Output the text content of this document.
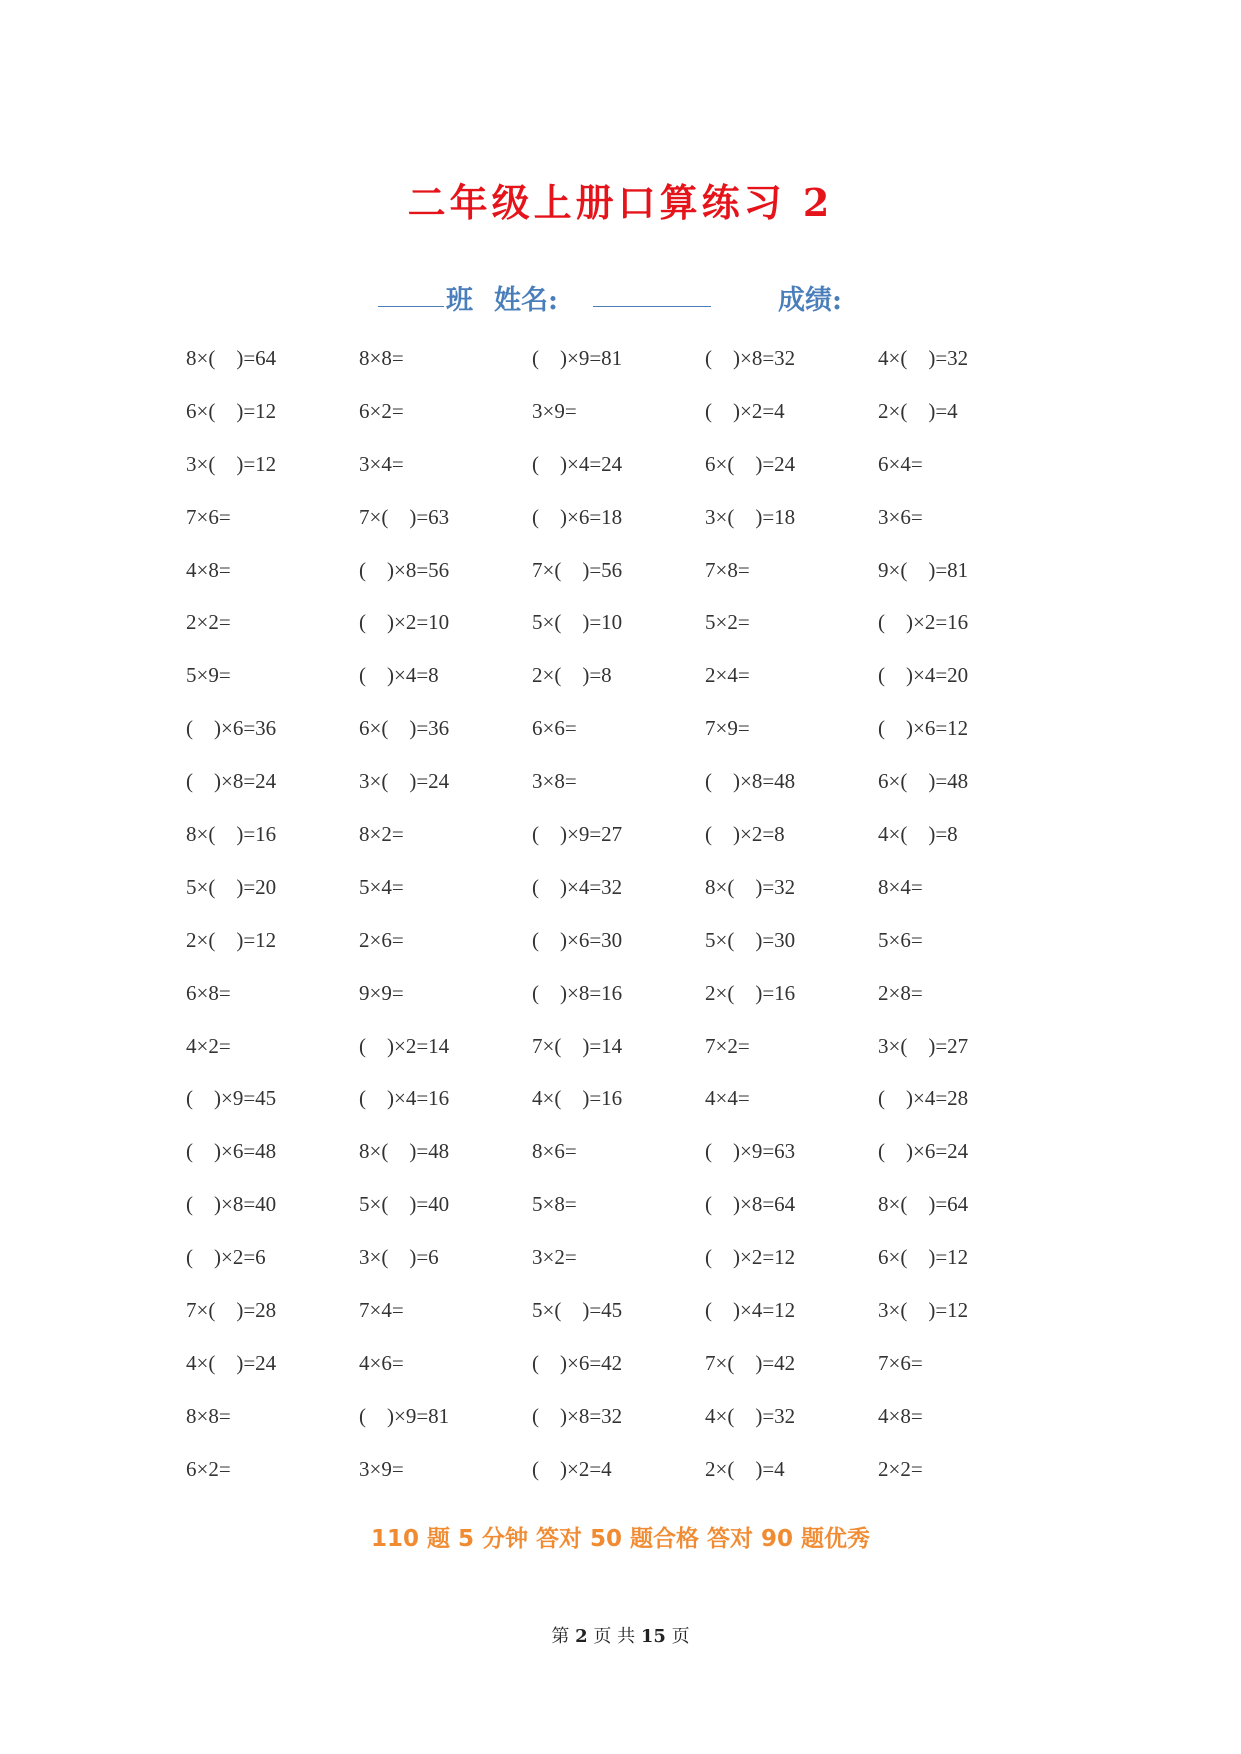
二年级上册口算练习 2
班 姓名:	成绩:
8×(　)=64	8×8=	(　)×9=81	(　)×8=32	4×(　)=32
6×(　)=12	6×2=	3×9=	(　)×2=4	2×(　)=4
3×(　)=12	3×4=	(　)×4=24	6×(　)=24	6×4=
7×6=	7×(　)=63	(　)×6=18	3×(　)=18	3×6=
4×8=	(　)×8=56	7×(　)=56	7×8=	9×(　)=81
2×2=	(　)×2=10	5×(　)=10	5×2=	(　)×2=16
5×9=	(　)×4=8	2×(　)=8	2×4=	(　)×4=20
(　)×6=36	6×(　)=36	6×6=	7×9=	(　)×6=12
(　)×8=24	3×(　)=24	3×8=	(　)×8=48	6×(　)=48
8×(　)=16	8×2=	(　)×9=27	(　)×2=8	4×(　)=8
5×(　)=20	5×4=	(　)×4=32	8×(　)=32	8×4=
2×(　)=12	2×6=	(　)×6=30	5×(　)=30	5×6=
6×8=	9×9=	(　)×8=16	2×(　)=16	2×8=
4×2=	(　)×2=14	7×(　)=14	7×2=	3×(　)=27
(　)×9=45	(　)×4=16	4×(　)=16	4×4=	(　)×4=28
(　)×6=48	8×(　)=48	8×6=	(　)×9=63	(　)×6=24
(　)×8=40	5×(　)=40	5×8=	(　)×8=64	8×(　)=64
(　)×2=6	3×(　)=6	3×2=	(　)×2=12	6×(　)=12
7×(　)=28	7×4=	5×(　)=45	(　)×4=12	3×(　)=12
4×(　)=24	4×6=	(　)×6=42	7×(　)=42	7×6=
8×8=	(　)×9=81	(　)×8=32	4×(　)=32	4×8=
6×2=	3×9=	(　)×2=4	2×(　)=4	2×2=
110 题 5 分钟 答对 50 题合格 答对 90 题优秀
第 2 页 共 15 页
